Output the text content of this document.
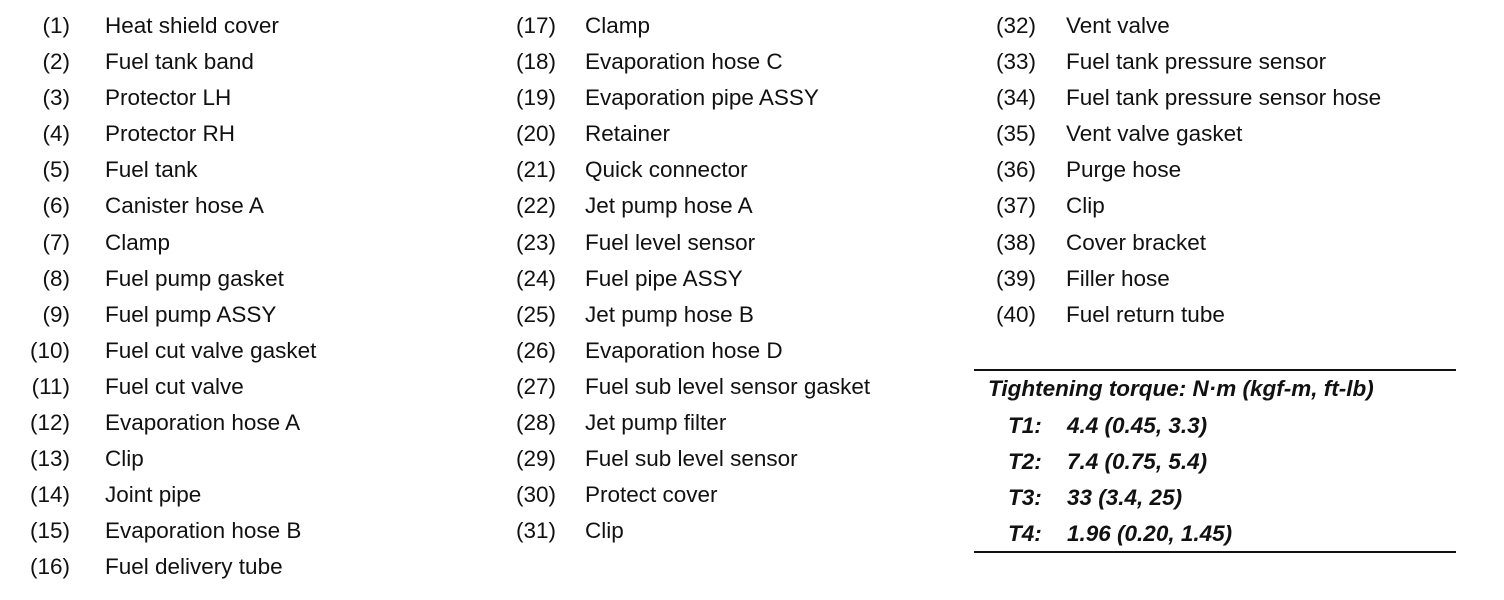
(1) Heat shield cover
(2) Fuel tank band
(3) Protector LH
(4) Protector RH
(5) Fuel tank
(6) Canister hose A
(7) Clamp
(8) Fuel pump gasket
(9) Fuel pump ASSY
(10) Fuel cut valve gasket
(11) Fuel cut valve
(12) Evaporation hose A
(13) Clip
(14) Joint pipe
(15) Evaporation hose B
(16) Fuel delivery tube
(17) Clamp
(18) Evaporation hose C
(19) Evaporation pipe ASSY
(20) Retainer
(21) Quick connector
(22) Jet pump hose A
(23) Fuel level sensor
(24) Fuel pipe ASSY
(25) Jet pump hose B
(26) Evaporation hose D
(27) Fuel sub level sensor gasket
(28) Jet pump filter
(29) Fuel sub level sensor
(30) Protect cover
(31) Clip
(32) Vent valve
(33) Fuel tank pressure sensor
(34) Fuel tank pressure sensor hose
(35) Vent valve gasket
(36) Purge hose
(37) Clip
(38) Cover bracket
(39) Filler hose
(40) Fuel return tube
Tightening torque: N·m (kgf-m, ft-lb)
T1: 4.4 (0.45, 3.3)
T2: 7.4 (0.75, 5.4)
T3: 33 (3.4, 25)
T4: 1.96 (0.20, 1.45)
